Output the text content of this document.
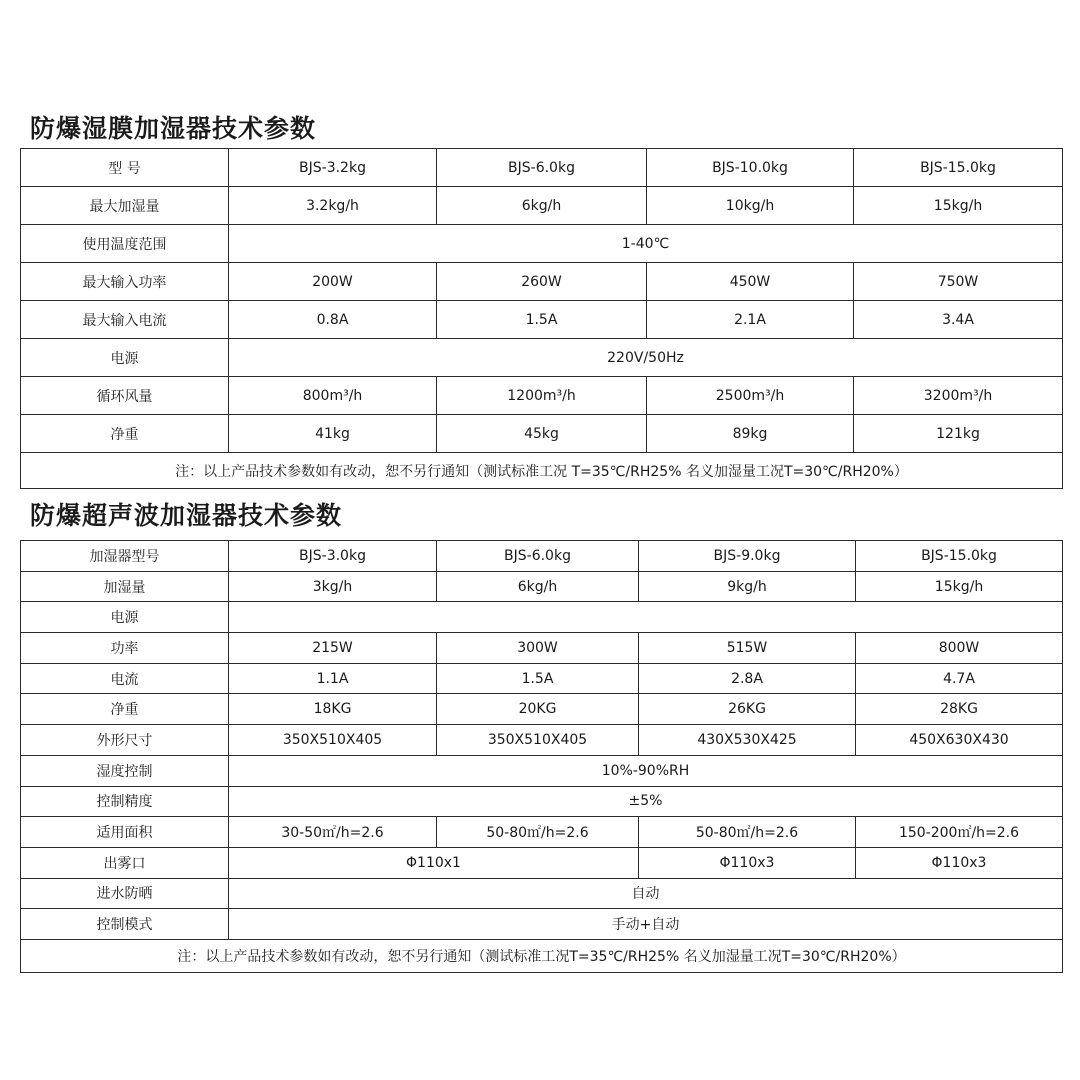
防爆湿膜加湿器技术参数
型 号	BJS-3.2kg	BJS-6.0kg	BJS-10.0kg	BJS-15.0kg
最大加湿量	3.2kg/h	6kg/h	10kg/h	15kg/h
使用温度范围	1-40℃			
最大输入功率	200W	260W	450W	750W
最大输入电流	0.8A	1.5A	2.1A	3.4A
电源	220V/50Hz			
循环风量	800m³/h	1200m³/h	2500m³/h	3200m³/h
净重	41kg	45kg	89kg	121kg
注：以上产品技术参数如有改动，恕不另行通知（测试标准工况 T=35℃/RH25% 名义加湿量工况T=30℃/RH20%）				
防爆超声波加湿器技术参数
加湿器型号	BJS-3.0kg	BJS-6.0kg	BJS-9.0kg	BJS-15.0kg
加湿量	3kg/h	6kg/h	9kg/h	15kg/h
电源				
功率	215W	300W	515W	800W
电流	1.1A	1.5A	2.8A	4.7A
净重	18KG	20KG	26KG	28KG
外形尺寸	350X510X405	350X510X405	430X530X425	450X630X430
湿度控制	10%-90%RH			
控制精度	±5%			
适用面积	30-50㎡/h=2.6	50-80㎡/h=2.6	50-80㎡/h=2.6	150-200㎡/h=2.6
出雾口	Φ110x1		Φ110x3	Φ110x3
进水防晒	自动			
控制模式	手动+自动			
注：以上产品技术参数如有改动，恕不另行通知（测试标准工况T=35℃/RH25% 名义加湿量工况T=30℃/RH20%）				
